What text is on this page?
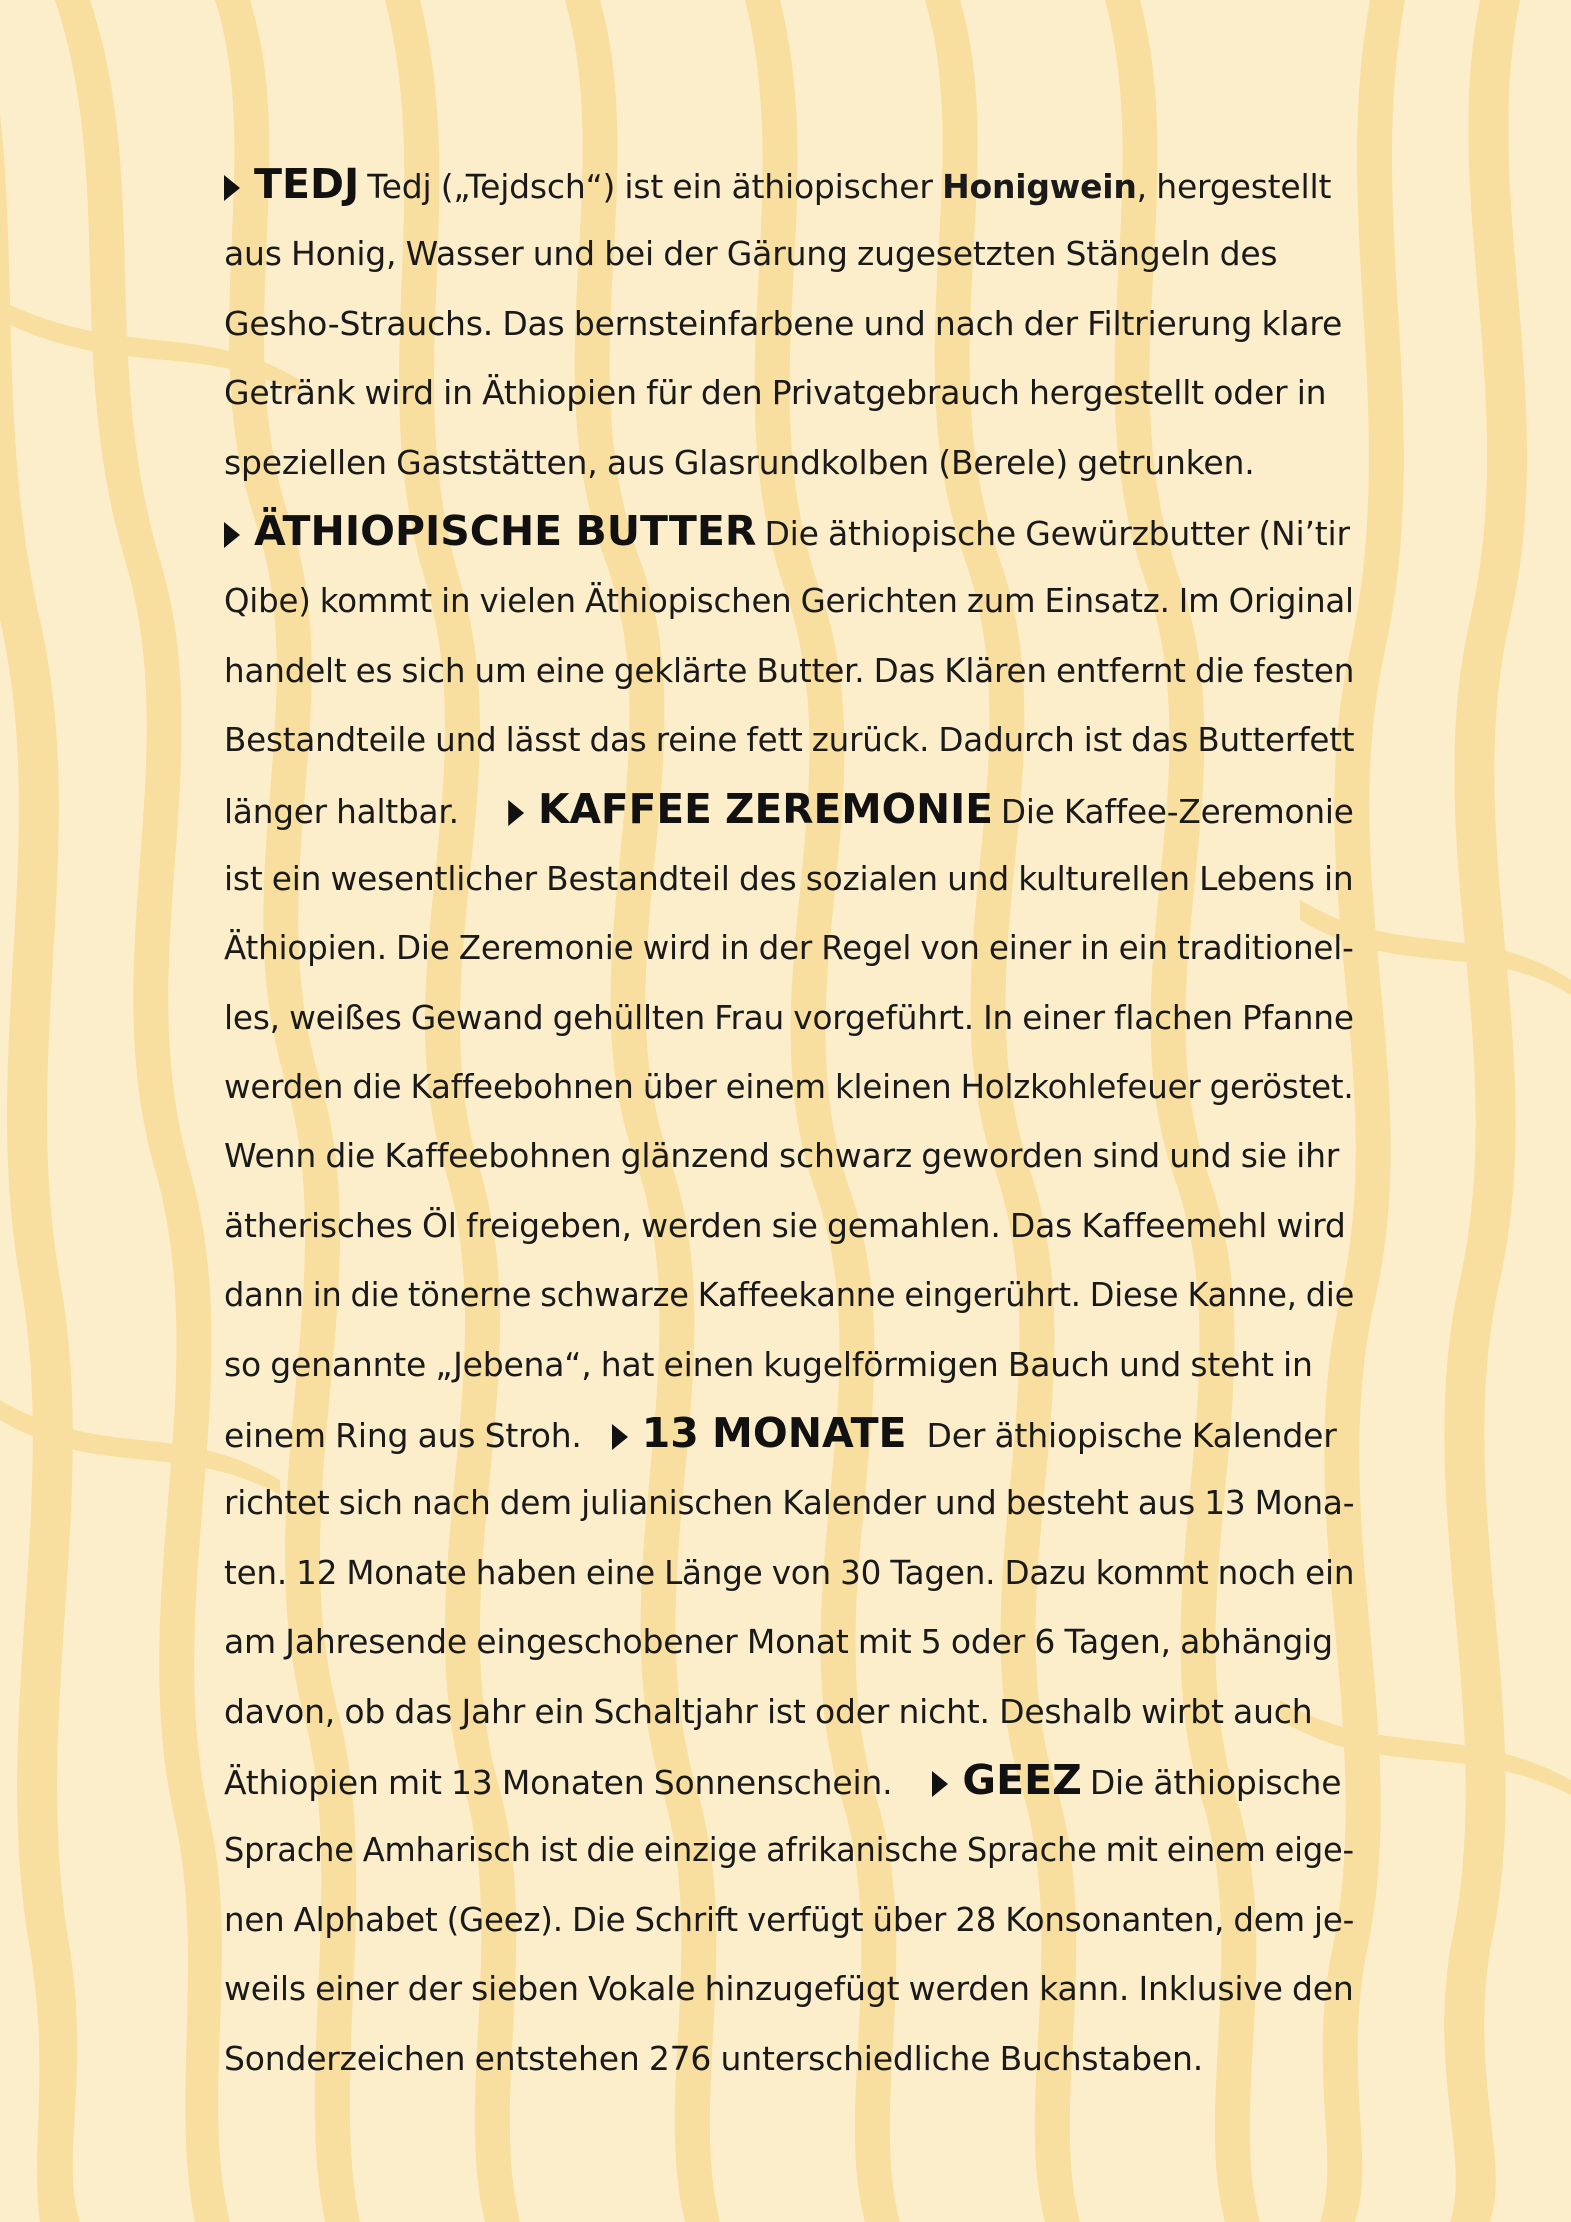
TEDJ Tedj („Tejdsch“) ist ein äthiopischer Honigwein, hergestellt
aus Honig, Wasser und bei der Gärung zugesetzten Stängeln des
Gesho-Strauchs. Das bernsteinfarbene und nach der Filtrierung klare
Getränk wird in Äthiopien für den Privatgebrauch hergestellt oder in
speziellen Gaststätten, aus Glasrundkolben (Berele) getrunken.
ÄTHIOPISCHE BUTTER Die äthiopische Gewürzbutter (Ni’tir
Qibe) kommt in vielen Äthiopischen Gerichten zum Einsatz. Im Original
handelt es sich um eine geklärte Butter. Das Klären entfernt die festen
Bestandteile und lässt das reine fett zurück. Dadurch ist das Butterfett
länger haltbar. KAFFEE ZEREMONIE Die Kaffee-Zeremonie
ist ein wesentlicher Bestandteil des sozialen und kulturellen Lebens in
Äthiopien. Die Zeremonie wird in der Regel von einer in ein traditionel-
les, weißes Gewand gehüllten Frau vorgeführt. In einer flachen Pfanne
werden die Kaffeebohnen über einem kleinen Holzkohlefeuer geröstet.
Wenn die Kaffeebohnen glänzend schwarz geworden sind und sie ihr
ätherisches Öl freigeben, werden sie gemahlen. Das Kaffeemehl wird
dann in die tönerne schwarze Kaffeekanne eingerührt. Diese Kanne, die
so genannte „Jebena“, hat einen kugelförmigen Bauch und steht in
einem Ring aus Stroh. 13 MONATE Der äthiopische Kalender
richtet sich nach dem julianischen Kalender und besteht aus 13 Mona-
ten. 12 Monate haben eine Länge von 30 Tagen. Dazu kommt noch ein
am Jahresende eingeschobener Monat mit 5 oder 6 Tagen, abhängig
davon, ob das Jahr ein Schaltjahr ist oder nicht. Deshalb wirbt auch
Äthiopien mit 13 Monaten Sonnenschein. GEEZ Die äthiopische
Sprache Amharisch ist die einzige afrikanische Sprache mit einem eige-
nen Alphabet (Geez). Die Schrift verfügt über 28 Konsonanten, dem je-
weils einer der sieben Vokale hinzugefügt werden kann. Inklusive den
Sonderzeichen entstehen 276 unterschiedliche Buchstaben.
